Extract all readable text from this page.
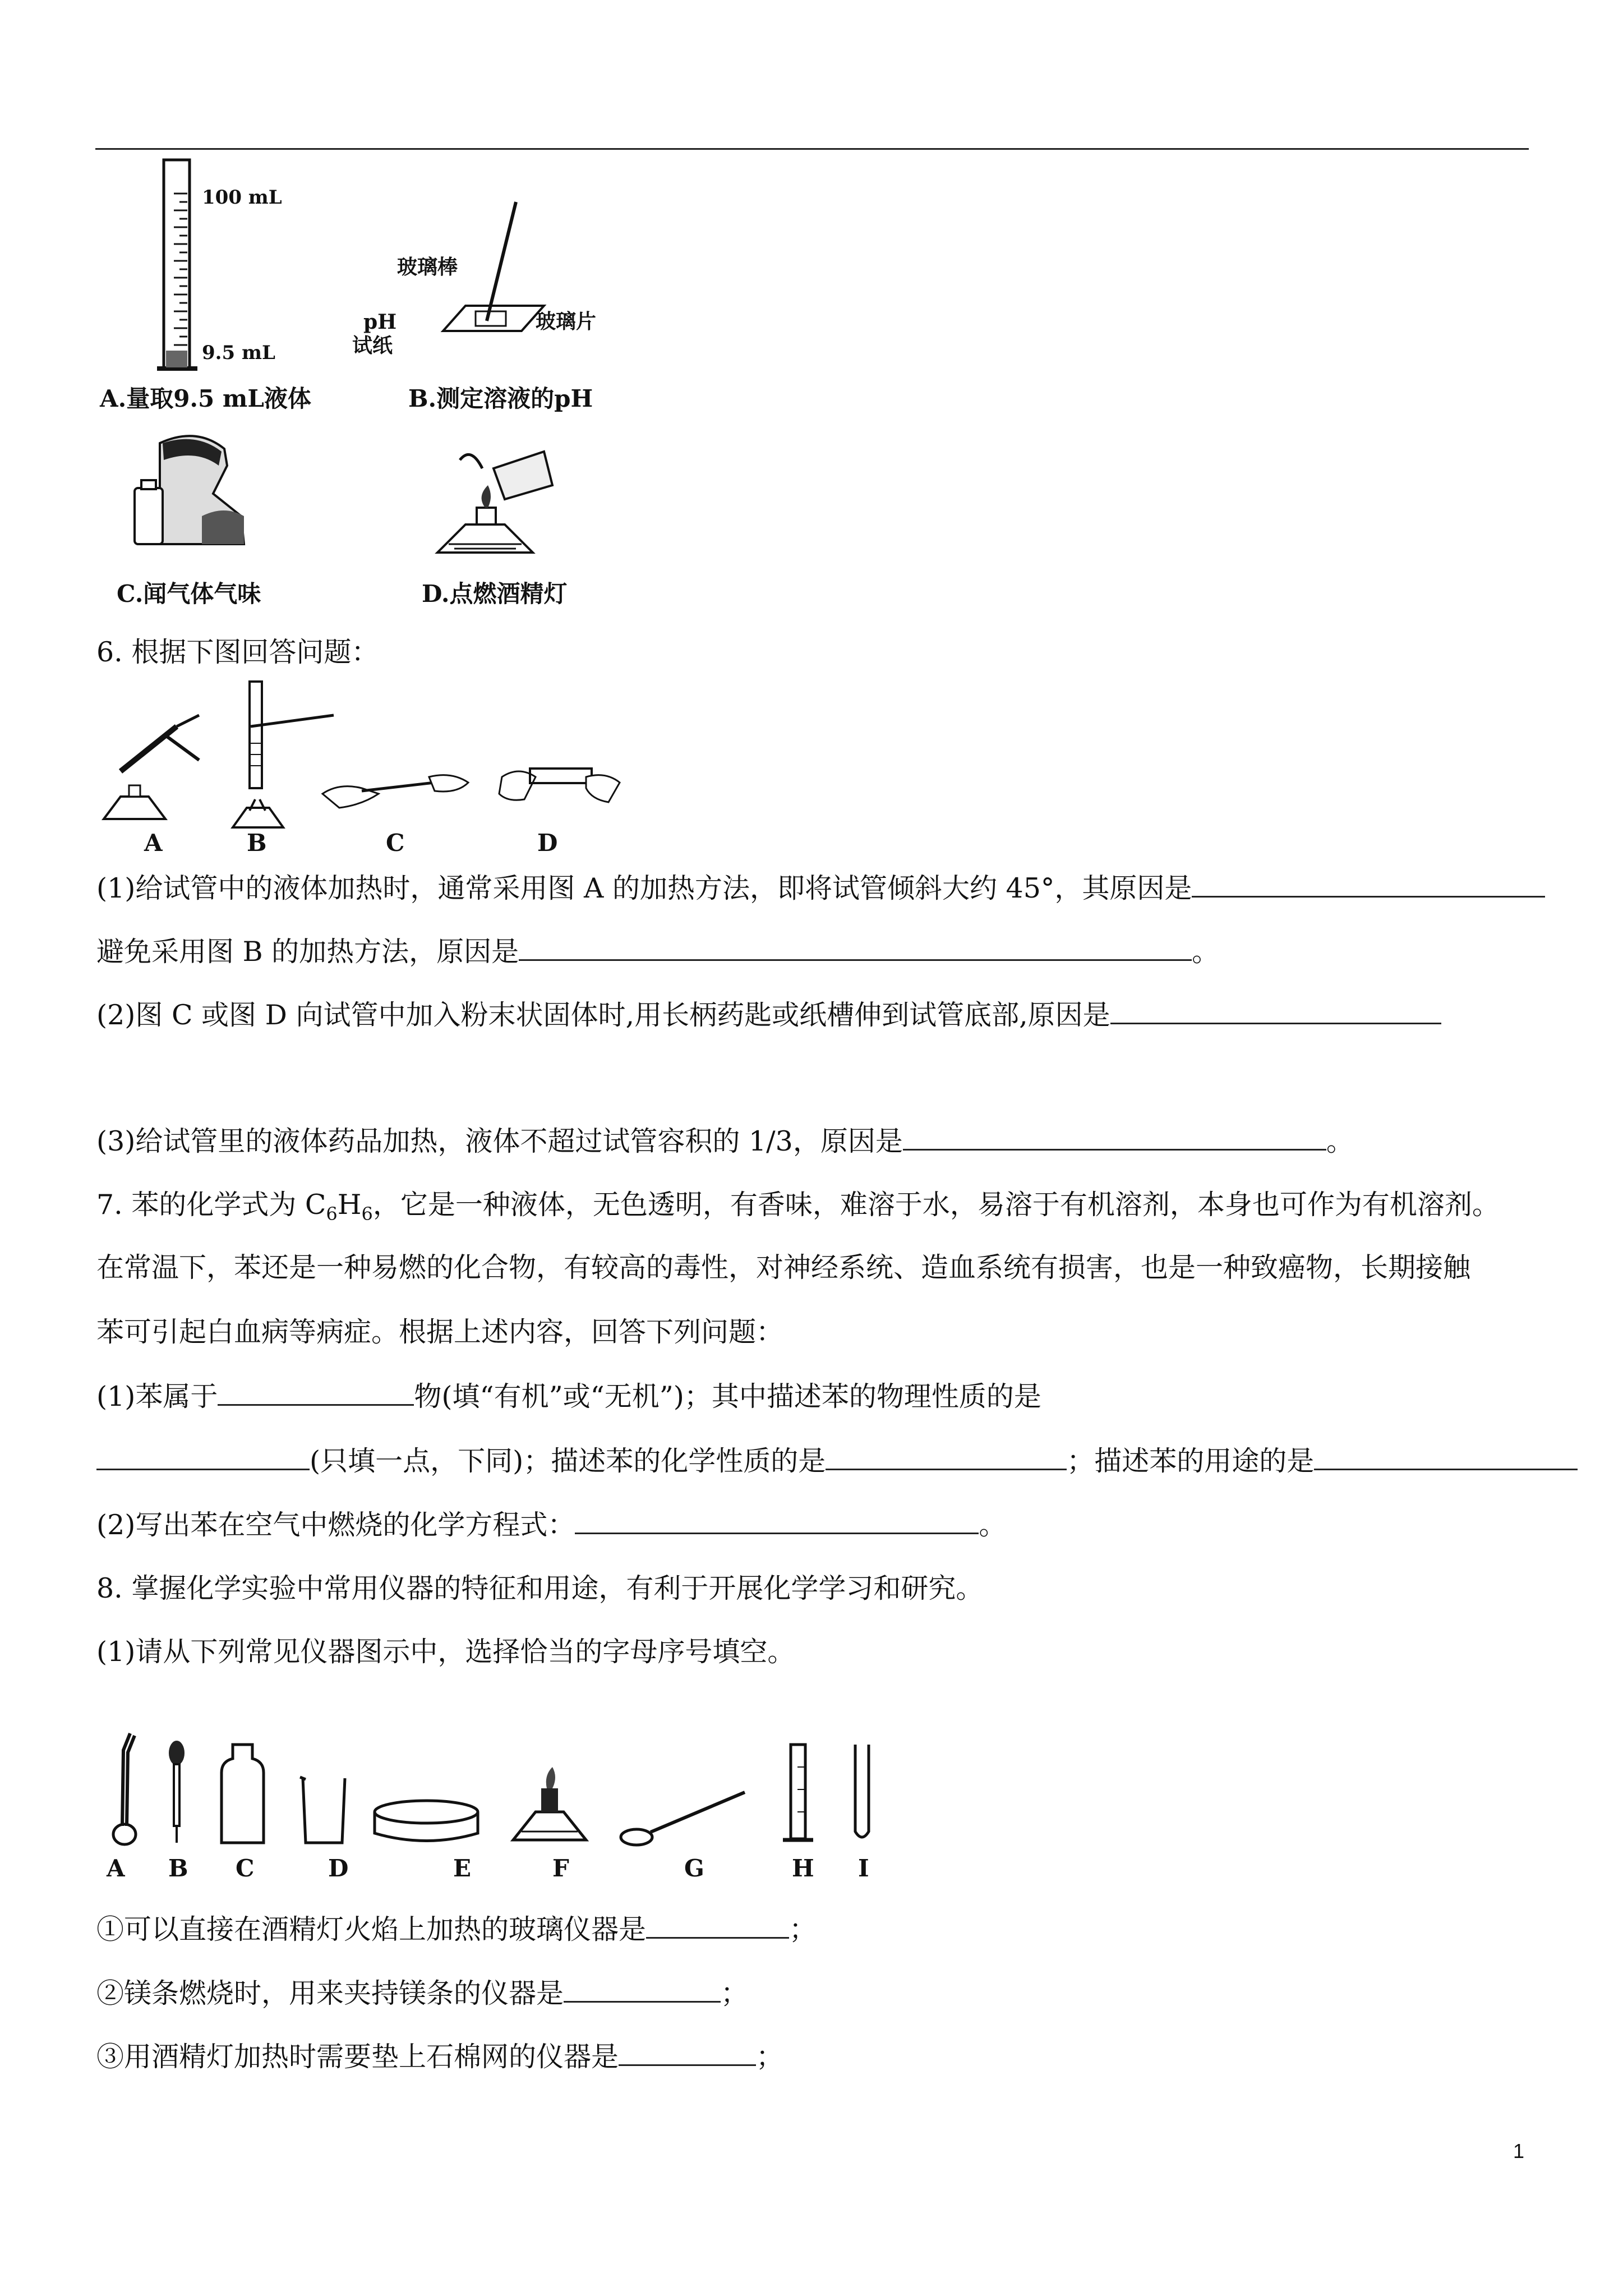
100 mL
9.5 mL
A.量取9.5 mL液体
玻璃棒
玻璃片
pH
试纸
B.测定溶液的pH
C.闻气体气味	D.点燃酒精灯
6. 根据下图回答问题：
A	B	C	D
(1)给试管中的液体加热时，通常采用图 A 的加热方法，即将试管倾斜大约 45°，其原因是
避免采用图 B 的加热方法，原因是	。
(2)图 C 或图 D 向试管中加入粉末状固体时,用长柄药匙或纸槽伸到试管底部,原因是
(3)给试管里的液体药品加热，液体不超过试管容积的 1/3，原因是	。
7. 苯的化学式为 $C_6H_6$，它是一种液体，无色透明，有香味，难溶于水，易溶于有机溶剂，本身也可作为有机溶剂。
在常温下，苯还是一种易燃的化合物，有较高的毒性，对神经系统、造血系统有损害，也是一种致癌物，长期接触
苯可引起白血病等病症。根据上述内容，回答下列问题：
(1)苯属于	物(填“有机”或“无机”)；其中描述苯的物理性质的是
(只填一点，下同)；描述苯的化学性质的是	；描述苯的用途的是
(2)写出苯在空气中燃烧的化学方程式：	。
8. 掌握化学实验中常用仪器的特征和用途，有利于开展化学学习和研究。
(1)请从下列常见仪器图示中，选择恰当的字母序号填空。
A B C	D	E	F	G	H I
①可以直接在酒精灯火焰上加热的玻璃仪器是	；
②镁条燃烧时，用来夹持镁条的仪器是	；
③用酒精灯加热时需要垫上石棉网的仪器是	；
1
